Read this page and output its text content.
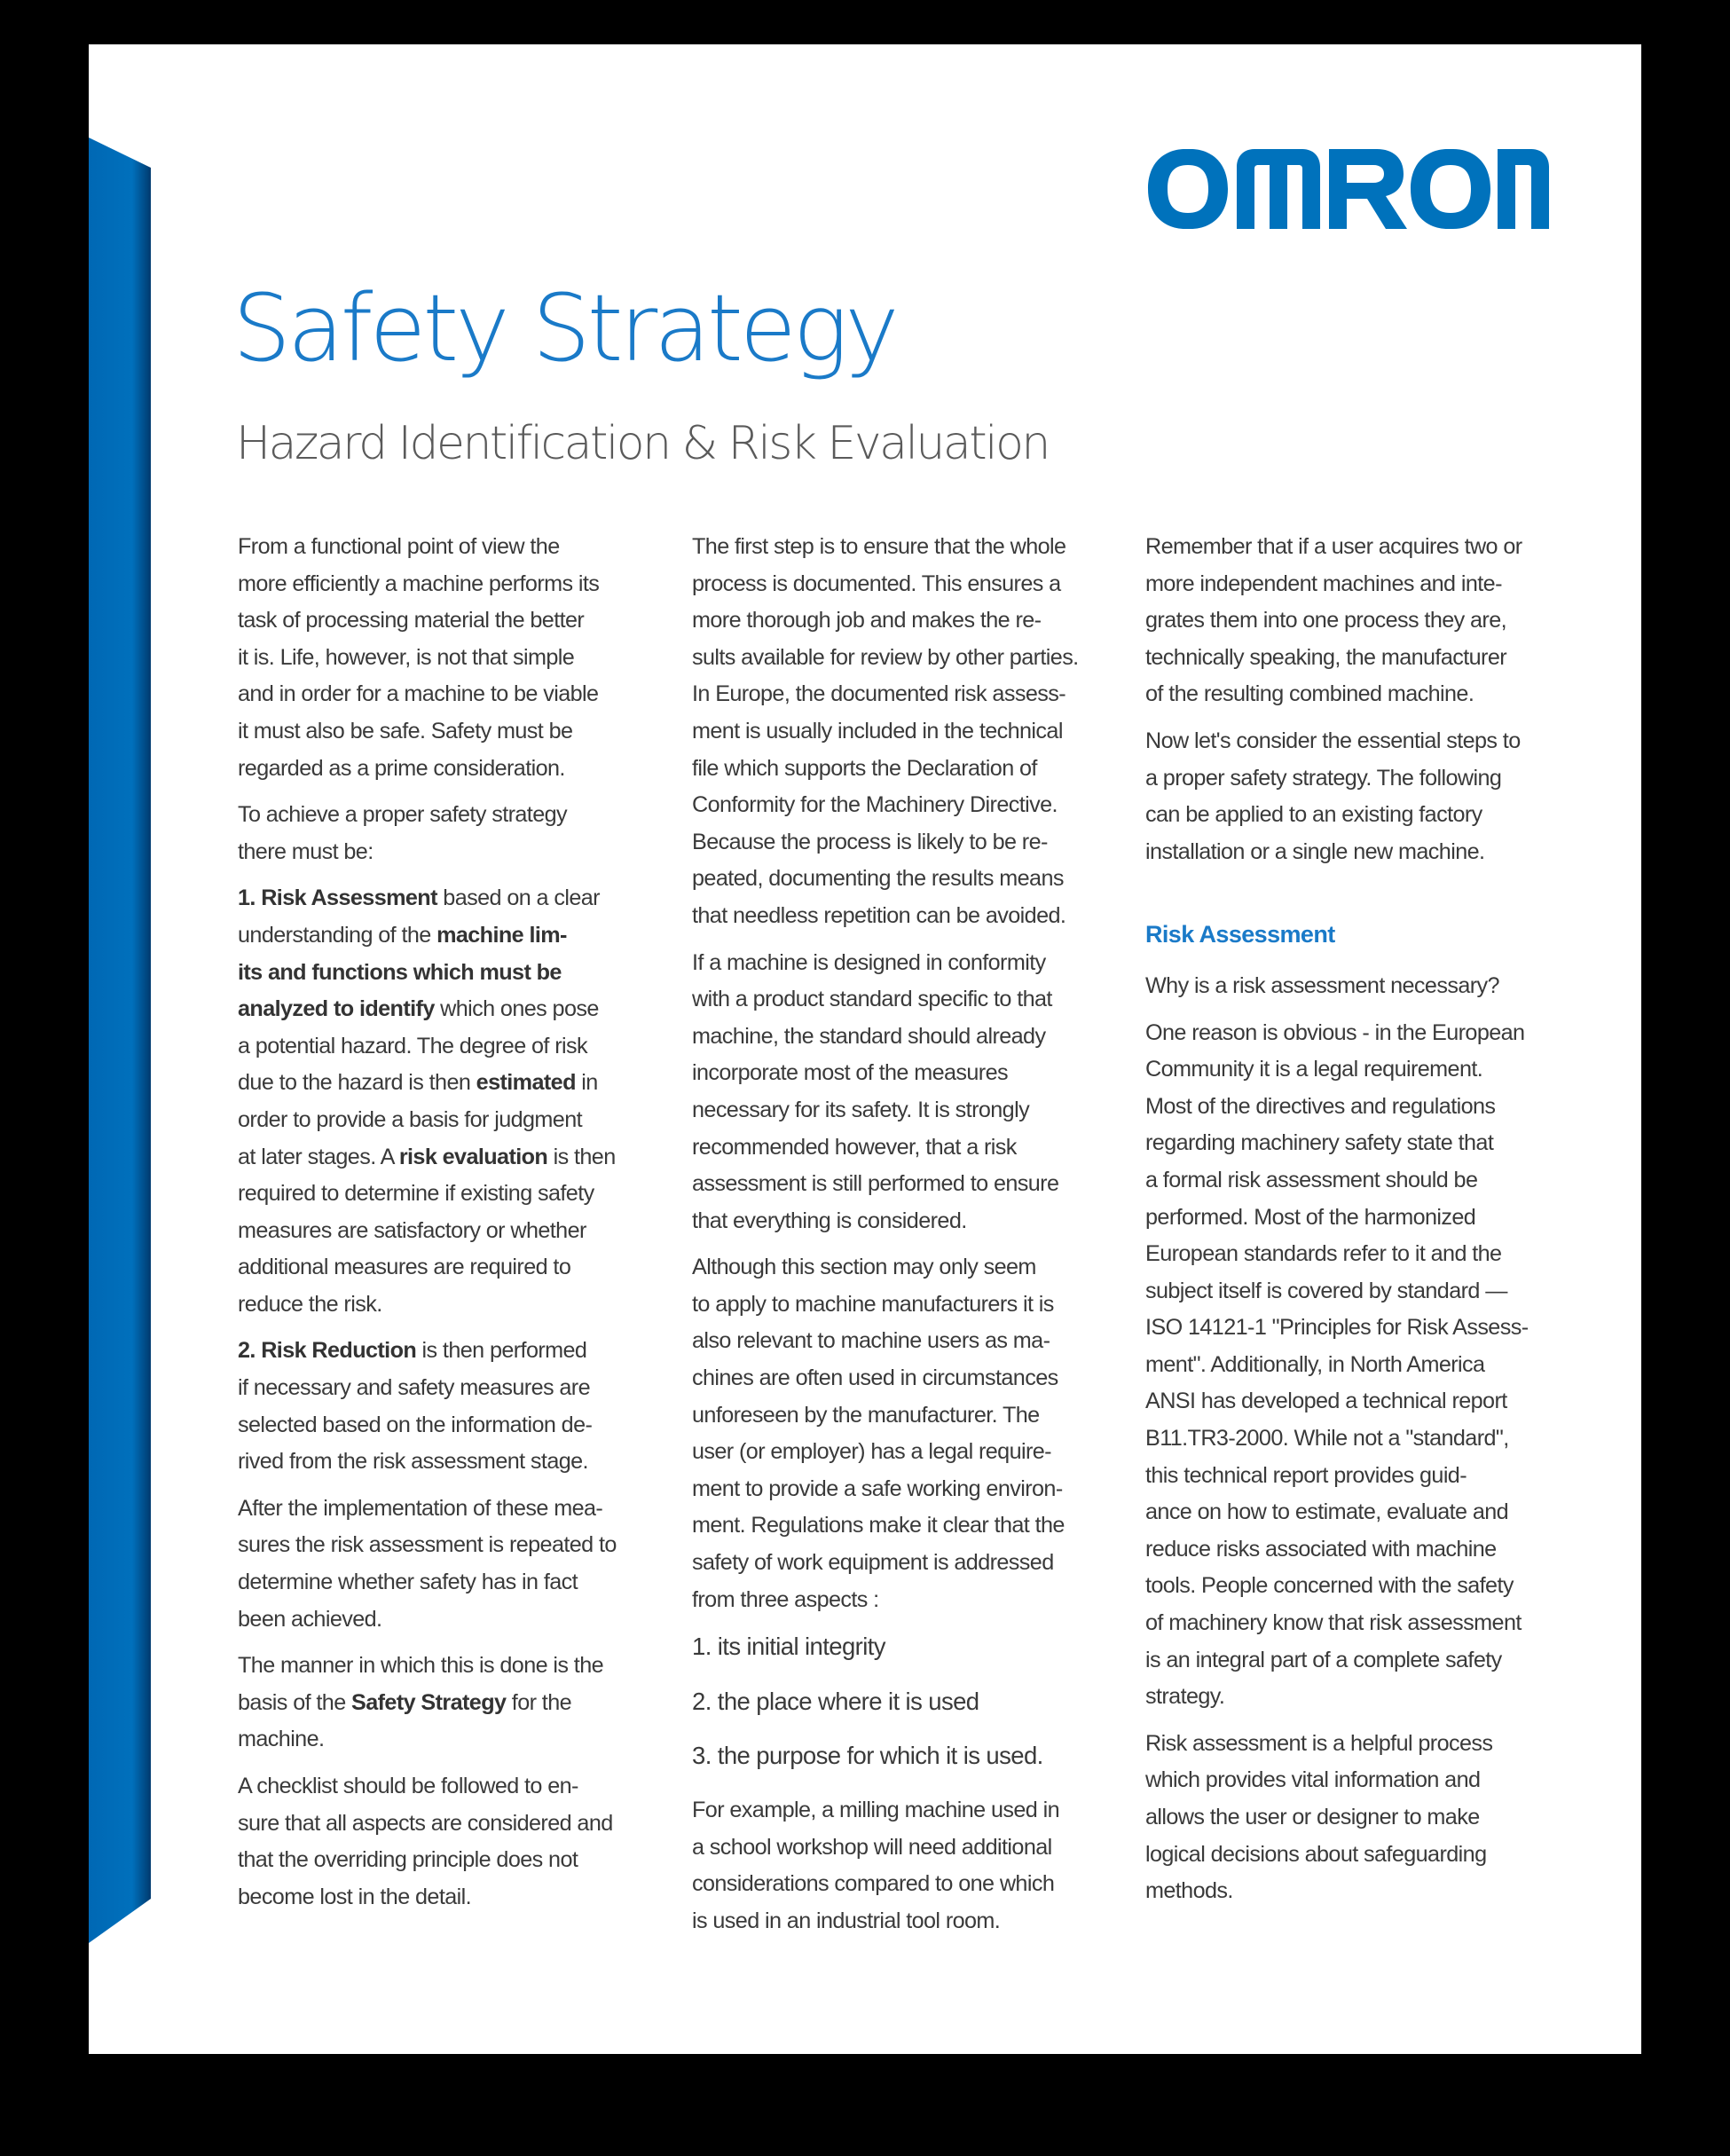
Safety Strategy
Hazard Identification & Risk Evaluation

From a functional point of view the
more efficiently a machine performs its
task of processing material the better
it is. Life, however, is not that simple
and in order for a machine to be viable
it must also be safe. Safety must be
regarded as a prime consideration.

To achieve a proper safety strategy
there must be:

1. Risk Assessment based on a clear
understanding of the machine lim-
its and functions which must be
analyzed to identify which ones pose
a potential hazard. The degree of risk
due to the hazard is then estimated in
order to provide a basis for judgment
at later stages. A risk evaluation is then
required to determine if existing safety
measures are satisfactory or whether
additional measures are required to
reduce the risk.

2. Risk Reduction is then performed
if necessary and safety measures are
selected based on the information de-
rived from the risk assessment stage.

After the implementation of these mea-
sures the risk assessment is repeated to
determine whether safety has in fact
been achieved.

The manner in which this is done is the
basis of the Safety Strategy for the
machine.

A checklist should be followed to en-
sure that all aspects are considered and
that the overriding principle does not
become lost in the detail.

The first step is to ensure that the whole
process is documented. This ensures a
more thorough job and makes the re-
sults available for review by other parties.
In Europe, the documented risk assess-
ment is usually included in the technical
file which supports the Declaration of
Conformity for the Machinery Directive.
Because the process is likely to be re-
peated, documenting the results means
that needless repetition can be avoided.

If a machine is designed in conformity
with a product standard specific to that
machine, the standard should already
incorporate most of the measures
necessary for its safety. It is strongly
recommended however, that a risk
assessment is still performed to ensure
that everything is considered.

Although this section may only seem
to apply to machine manufacturers it is
also relevant to machine users as ma-
chines are often used in circumstances
unforeseen by the manufacturer. The
user (or employer) has a legal require-
ment to provide a safe working environ-
ment. Regulations make it clear that the
safety of work equipment is addressed
from three aspects :

1. its initial integrity

2. the place where it is used

3. the purpose for which it is used.

For example, a milling machine used in
a school workshop will need additional
considerations compared to one which
is used in an industrial tool room.

Remember that if a user acquires two or
more independent machines and inte-
grates them into one process they are,
technically speaking, the manufacturer
of the resulting combined machine.

Now let's consider the essential steps to
a proper safety strategy. The following
can be applied to an existing factory
installation or a single new machine.

Risk Assessment

Why is a risk assessment necessary?

One reason is obvious - in the European
Community it is a legal requirement.
Most of the directives and regulations
regarding machinery safety state that
a formal risk assessment should be
performed. Most of the harmonized
European standards refer to it and the
subject itself is covered by standard —
ISO 14121-1 "Principles for Risk Assess-
ment". Additionally, in North America
ANSI has developed a technical report
B11.TR3-2000. While not a "standard",
this technical report provides guid-
ance on how to estimate, evaluate and
reduce risks associated with machine
tools. People concerned with the safety
of machinery know that risk assessment
is an integral part of a complete safety
strategy.

Risk assessment is a helpful process
which provides vital information and
allows the user or designer to make
logical decisions about safeguarding
methods.
